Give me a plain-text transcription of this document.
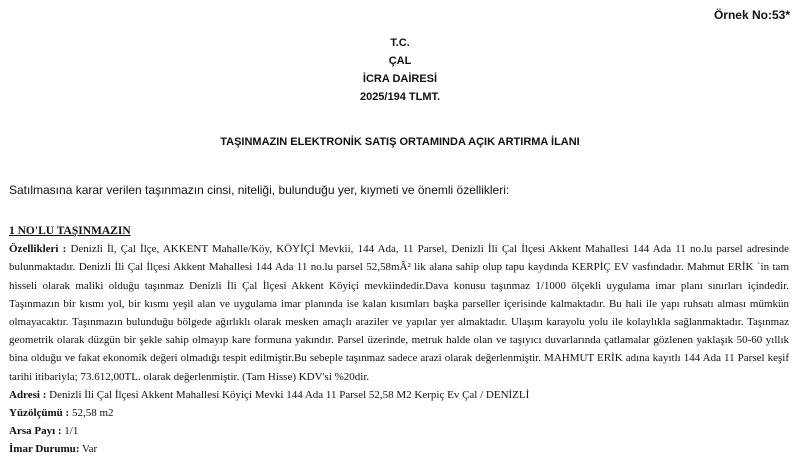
Örnek No:53*
T.C.
ÇAL
İCRA DAİRESİ
2025/194 TLMT.
TAŞINMAZIN ELEKTRONİK SATIŞ ORTAMINDA AÇIK ARTIRMA İLANI
Satılmasına karar verilen taşınmazın cinsi, niteliği, bulunduğu yer, kıymeti ve önemli özellikleri:
1 NO'LU TAŞINMAZIN

Özellikleri : Denizli İl, Çal İlçe, AKKENT Mahalle/Köy, KÖYİÇİ Mevkii, 144 Ada, 11 Parsel, Denizli İli Çal İlçesi Akkent Mahallesi 144 Ada 11 no.lu parsel adresinde bulunmaktadır. Denizli İli Çal İlçesi Akkent Mahallesi 144 Ada 11 no.lu parsel 52,58mÂ² lik alana sahip olup tapu kaydında KERPİÇ EV vasfındadır. Mahmut ERİK `in tam hisseli olarak maliki olduğu taşınmaz Denizli İli Çal İlçesi Akkent Köyiçi mevkiindedir.Dava konusu taşınmaz 1/1000 ölçekli uygulama imar planı sınırları içindedir. Taşınmazın bir kısmı yol, bir kısmı yeşil alan ve uygulama imar planında ise kalan kısımları başka parseller içerisinde kalmaktadır. Bu hali ile yapı ruhsatı alması mümkün olmayacaktır. Taşınmazın bulunduğu bölgede ağırlıklı olarak mesken amaçlı araziler ve yapılar yer almaktadır. Ulaşım karayolu yolu ile kolaylıkla sağlanmaktadır. Taşınmaz geometrik olarak düzgün bir şekle sahip olmayıp kare formuna yakındır. Parsel üzerinde, metruk halde olan ve taşıyıcı duvarlarında çatlamalar gözlenen yaklaşık 50-60 yıllık bina olduğu ve fakat ekonomik değeri olmadığı tespit edilmiştir.Bu sebeple taşınmaz sadece arazi olarak değerlenmiştir. MAHMUT ERİK adına kayıtlı 144 Ada 11 Parsel keşif tarihi itibariyla; 73.612,00TL. olarak değerlenmiştir. (Tam Hisse) KDV'si %20dir.

Adresi : Denizli İli Çal İlçesi Akkent Mahallesi Köyiçi Mevki 144 Ada 11 Parsel 52,58 M2 Kerpiç Ev Çal / DENİZLİ

Yüzölçümü : 52,58 m2

Arsa Payı : 1/1

İmar Durumu: Var
